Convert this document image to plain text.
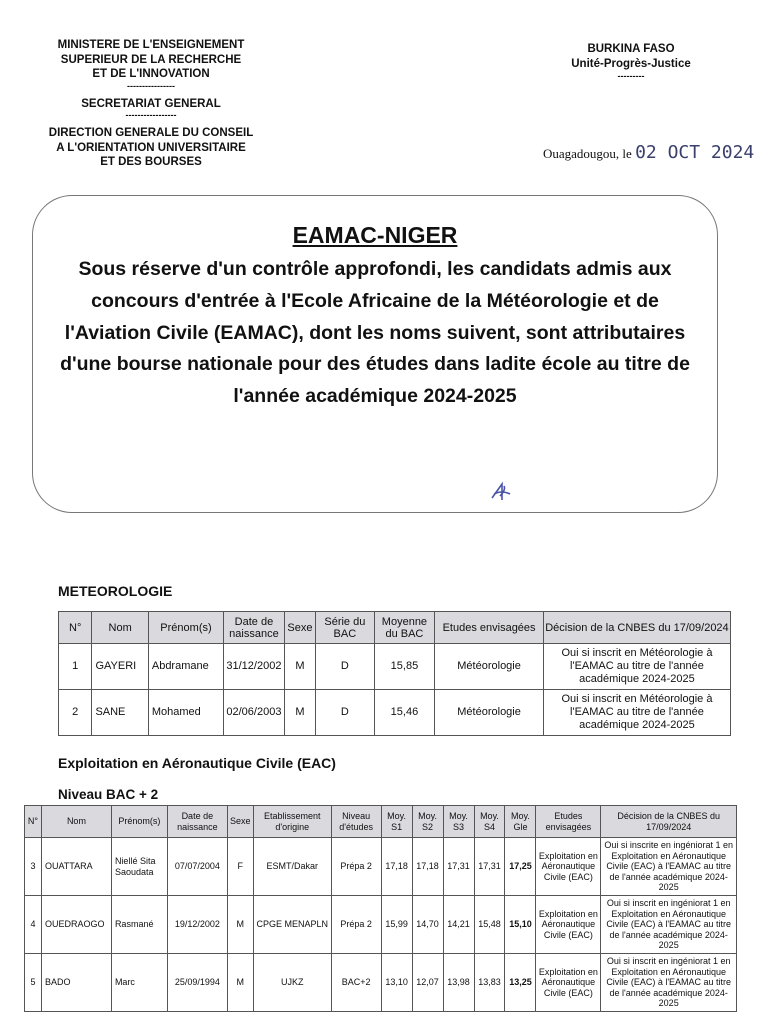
MINISTERE DE L'ENSEIGNEMENT
SUPERIEUR DE LA RECHERCHE
ET DE L'INNOVATION
----------------
SECRETARIAT GENERAL
-----------------
DIRECTION GENERALE DU CONSEIL
A L'ORIENTATION UNIVERSITAIRE
ET DES BOURSES
BURKINA FASO
Unité-Progrès-Justice
---------
Ouagadougou, le 02 OCT 2024
EAMAC-NIGER
Sous réserve d'un contrôle approfondi, les candidats admis aux concours d'entrée à l'Ecole Africaine de la Météorologie et de l'Aviation Civile (EAMAC), dont les noms suivent, sont attributaires d'une bourse nationale pour des études dans ladite école au titre de l'année académique 2024-2025
METEOROLOGIE
N°	Nom	Prénom(s)	Date de naissance	Sexe	Série du BAC	Moyenne du BAC	Etudes envisagées	Décision de la CNBES du 17/09/2024
1	GAYERI	Abdramane	31/12/2002	M	D	15,85	Météorologie	Oui si inscrit en Météorologie à l'EAMAC au titre de l'année académique 2024-2025
2	SANE	Mohamed	02/06/2003	M	D	15,46	Météorologie	Oui si inscrit en Météorologie à l'EAMAC au titre de l'année académique 2024-2025
Exploitation en Aéronautique Civile (EAC)
Niveau BAC + 2
N°	Nom	Prénom(s)	Date de naissance	Sexe	Etablissement d'origine	Niveau d'études	Moy. S1	Moy. S2	Moy. S3	Moy. S4	Moy. Gle	Etudes envisagées	Décision de la CNBES du 17/09/2024
3	OUATTARA	Niellé Sita Saoudata	07/07/2004	F	ESMT/Dakar	Prépa 2	17,18	17,18	17,31	17,31	17,25	Exploitation en Aéronautique Civile (EAC)	Oui si inscrite en ingéniorat 1 en Exploitation en Aéronautique Civile (EAC) à l'EAMAC au titre de l'année académique 2024-2025
4	OUEDRAOGO	Rasmané	19/12/2002	M	CPGE MENAPLN	Prépa 2	15,99	14,70	14,21	15,48	15,10	Exploitation en Aéronautique Civile (EAC)	Oui si inscrit en ingéniorat 1 en Exploitation en Aéronautique Civile (EAC) à l'EAMAC au titre de l'année académique 2024-2025
5	BADO	Marc	25/09/1994	M	UJKZ	BAC+2	13,10	12,07	13,98	13,83	13,25	Exploitation en Aéronautique Civile (EAC)	Oui si inscrit en ingéniorat 1 en Exploitation en Aéronautique Civile (EAC) à l'EAMAC au titre de l'année académique 2024-2025
